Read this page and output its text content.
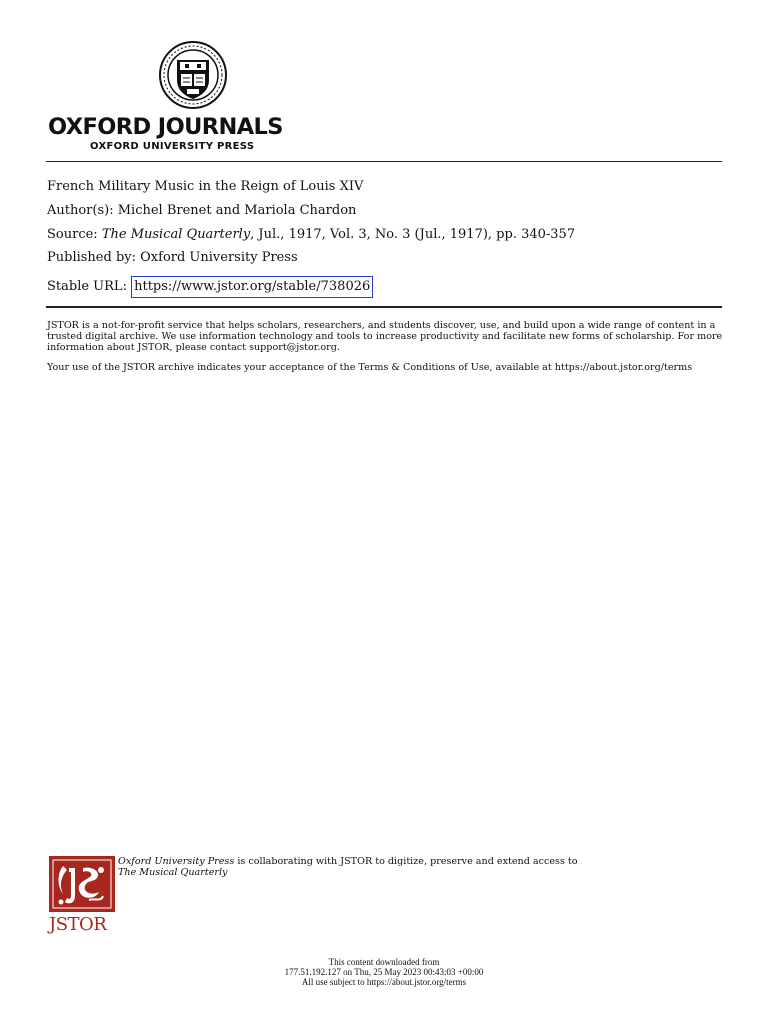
OXFORD JOURNALS
OXFORD UNIVERSITY PRESS
French Military Music in the Reign of Louis XIV
Author(s): Michel Brenet and Mariola Chardon
Source: The Musical Quarterly, Jul., 1917, Vol. 3, No. 3 (Jul., 1917), pp. 340-357
Published by: Oxford University Press
Stable URL: https://www.jstor.org/stable/738026
JSTOR is a not-for-profit service that helps scholars, researchers, and students discover, use, and build upon a wide range of content in a trusted digital archive. We use information technology and tools to increase productivity and facilitate new forms of scholarship. For more information about JSTOR, please contact support@jstor.org.
Your use of the JSTOR archive indicates your acceptance of the Terms & Conditions of Use, available at https://about.jstor.org/terms
JSTOR
Oxford University Press is collaborating with JSTOR to digitize, preserve and extend access to
The Musical Quarterly
This content downloaded from
177.51.192.127 on Thu, 25 May 2023 00:43:03 +00:00
All use subject to https://about.jstor.org/terms
